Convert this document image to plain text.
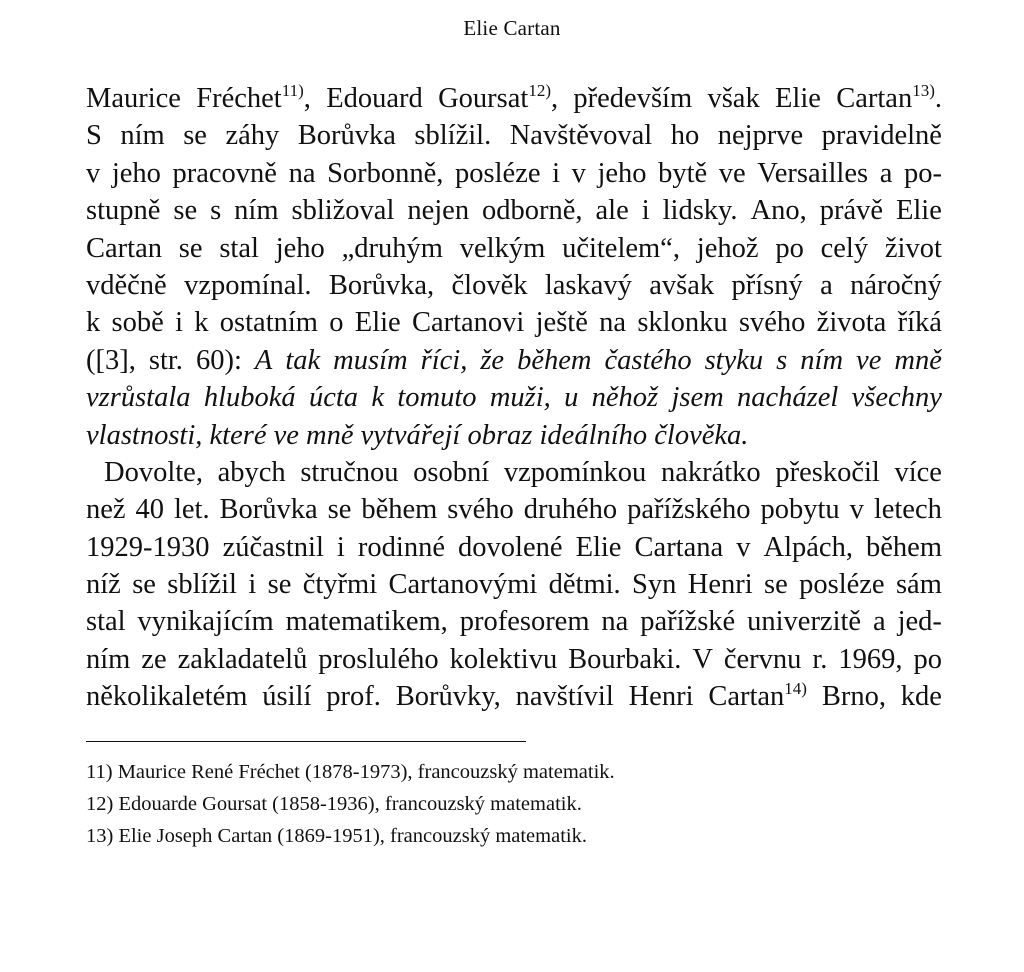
Elie Cartan
Maurice Fréchet$^{11)}$, Edouard Goursat$^{12)}$, především však Elie Cartan$^{13)}$.
S ním se záhy Borůvka sblížil. Navštěvoval ho nejprve pravidelně
v jeho pracovně na Sorbonně, posléze i v jeho bytě ve Versailles a po-
stupně se s ním sbližoval nejen odborně, ale i lidsky. Ano, právě Elie
Cartan se stal jeho „druhým velkým učitelem“, jehož po celý život
vděčně vzpomínal. Borůvka, člověk laskavý avšak přísný a náročný
k sobě i k ostatním o Elie Cartanovi ještě na sklonku svého života říká
([3], str. 60): A tak musím říci, že během častého styku s ním ve mně
vzrůstala hluboká úcta k tomuto muži, u něhož jsem nacházel všechny
vlastnosti, které ve mně vytvářejí obraz ideálního člověka.
Dovolte, abych stručnou osobní vzpomínkou nakrátko přeskočil více
než 40 let. Borůvka se během svého druhého pařížského pobytu v letech
1929-1930 zúčastnil i rodinné dovolené Elie Cartana v Alpách, během
níž se sblížil i se čtyřmi Cartanovými dětmi. Syn Henri se posléze sám
stal vynikajícím matematikem, profesorem na pařížské univerzitě a jed-
ním ze zakladatelů proslulého kolektivu Bourbaki. V červnu r. 1969, po
několikaletém úsilí prof. Borůvky, navštívil Henri Cartan$^{14)}$ Brno, kde
11) Maurice René Fréchet (1878-1973), francouzský matematik.
12) Edouarde Goursat (1858-1936), francouzský matematik.
13) Elie Joseph Cartan (1869-1951), francouzský matematik.
